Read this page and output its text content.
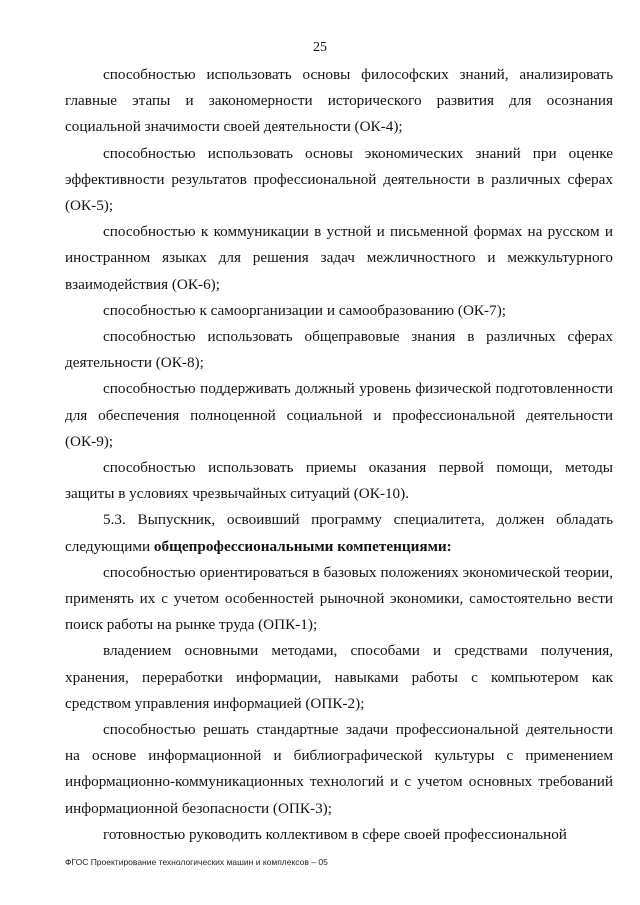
25

способностью использовать основы философских знаний, анализировать главные этапы и закономерности исторического развития для осознания социальной значимости своей деятельности (ОК-4);

способностью использовать основы экономических знаний при оценке эффективности результатов профессиональной деятельности в различных сферах (ОК-5);

способностью к коммуникации в устной и письменной формах на русском и иностранном языках для решения задач межличностного и межкультурного взаимодействия (ОК-6);

способностью к самоорганизации и самообразованию (ОК-7);

способностью использовать общеправовые знания в различных сферах деятельности (ОК-8);

способностью поддерживать должный уровень физической подготовленности для обеспечения полноценной социальной и профессиональной деятельности (ОК-9);

способностью использовать приемы оказания первой помощи, методы защиты в условиях чрезвычайных ситуаций (ОК-10).

5.3. Выпускник, освоивший программу специалитета, должен обладать следующими общепрофессиональными компетенциями:

способностью ориентироваться в базовых положениях экономической теории, применять их с учетом особенностей рыночной экономики, самостоятельно вести поиск работы на рынке труда (ОПК-1);

владением основными методами, способами и средствами получения, хранения, переработки информации, навыками работы с компьютером как средством управления информацией (ОПК-2);

способностью решать стандартные задачи профессиональной деятельности на основе информационной и библиографической культуры с применением информационно-коммуникационных технологий и с учетом основных требований информационной безопасности (ОПК-3);

готовностью руководить коллективом в сфере своей профессиональной

ФГОС Проектирование технологических машин и комплексов – 05
